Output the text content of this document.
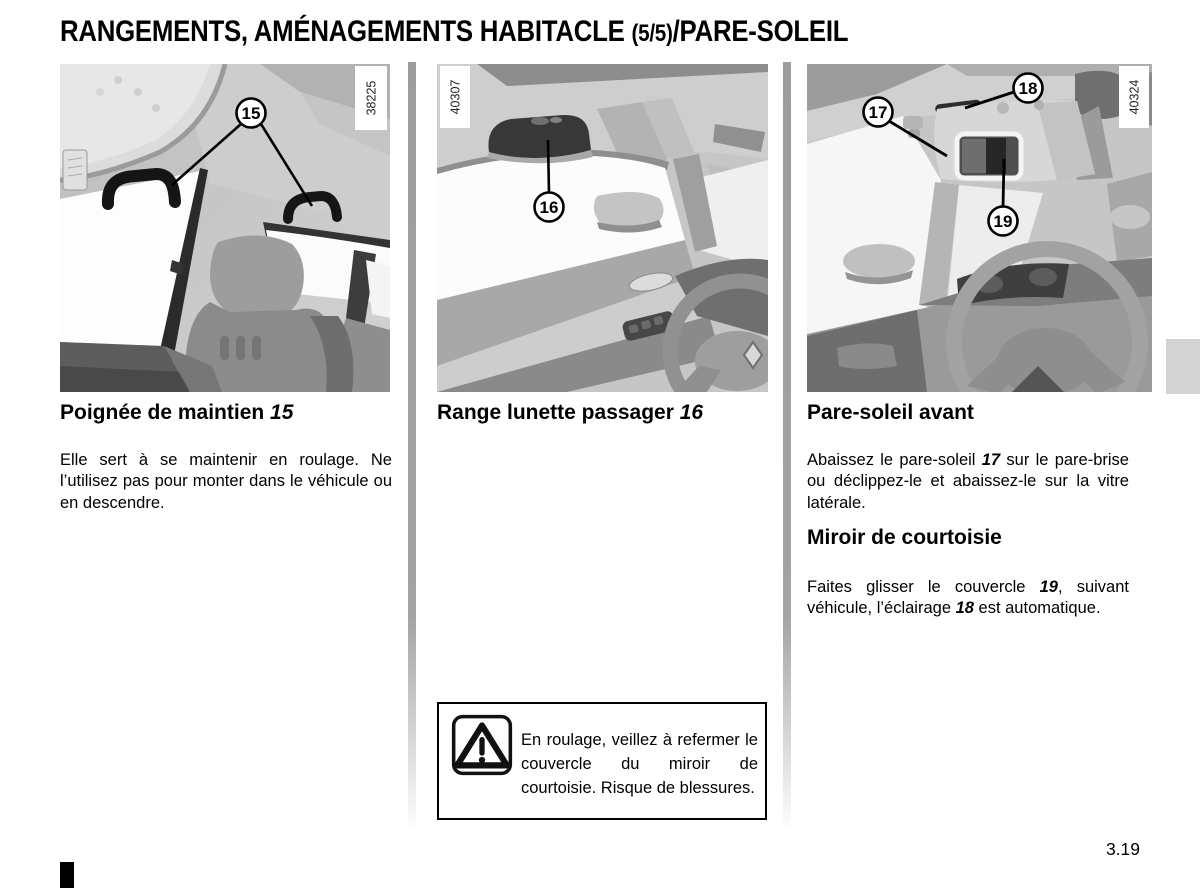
RANGEMENTS, AMÉNAGEMENTS HABITACLE (5/5)/PARE-SOLEIL
15	38225
16
40307	17
18
19
40324
Poignée de maintien 15

Elle sert à se maintenir en roulage. Ne l’utilisez pas pour monter dans le véhicule ou en descendre.

Range lunette passager 16	Pare-soleil avant

Abaissez le pare-soleil 17 sur le pare-brise ou déclippez-le et abaissez-le sur la vitre latérale.

Miroir de courtoisie

Faites glisser le couvercle 19, suivant véhicule, l’éclairage 18 est automatique.

En roulage, veillez à refermer le couvercle du miroir de courtoisie. Risque de blessures.

3.19
